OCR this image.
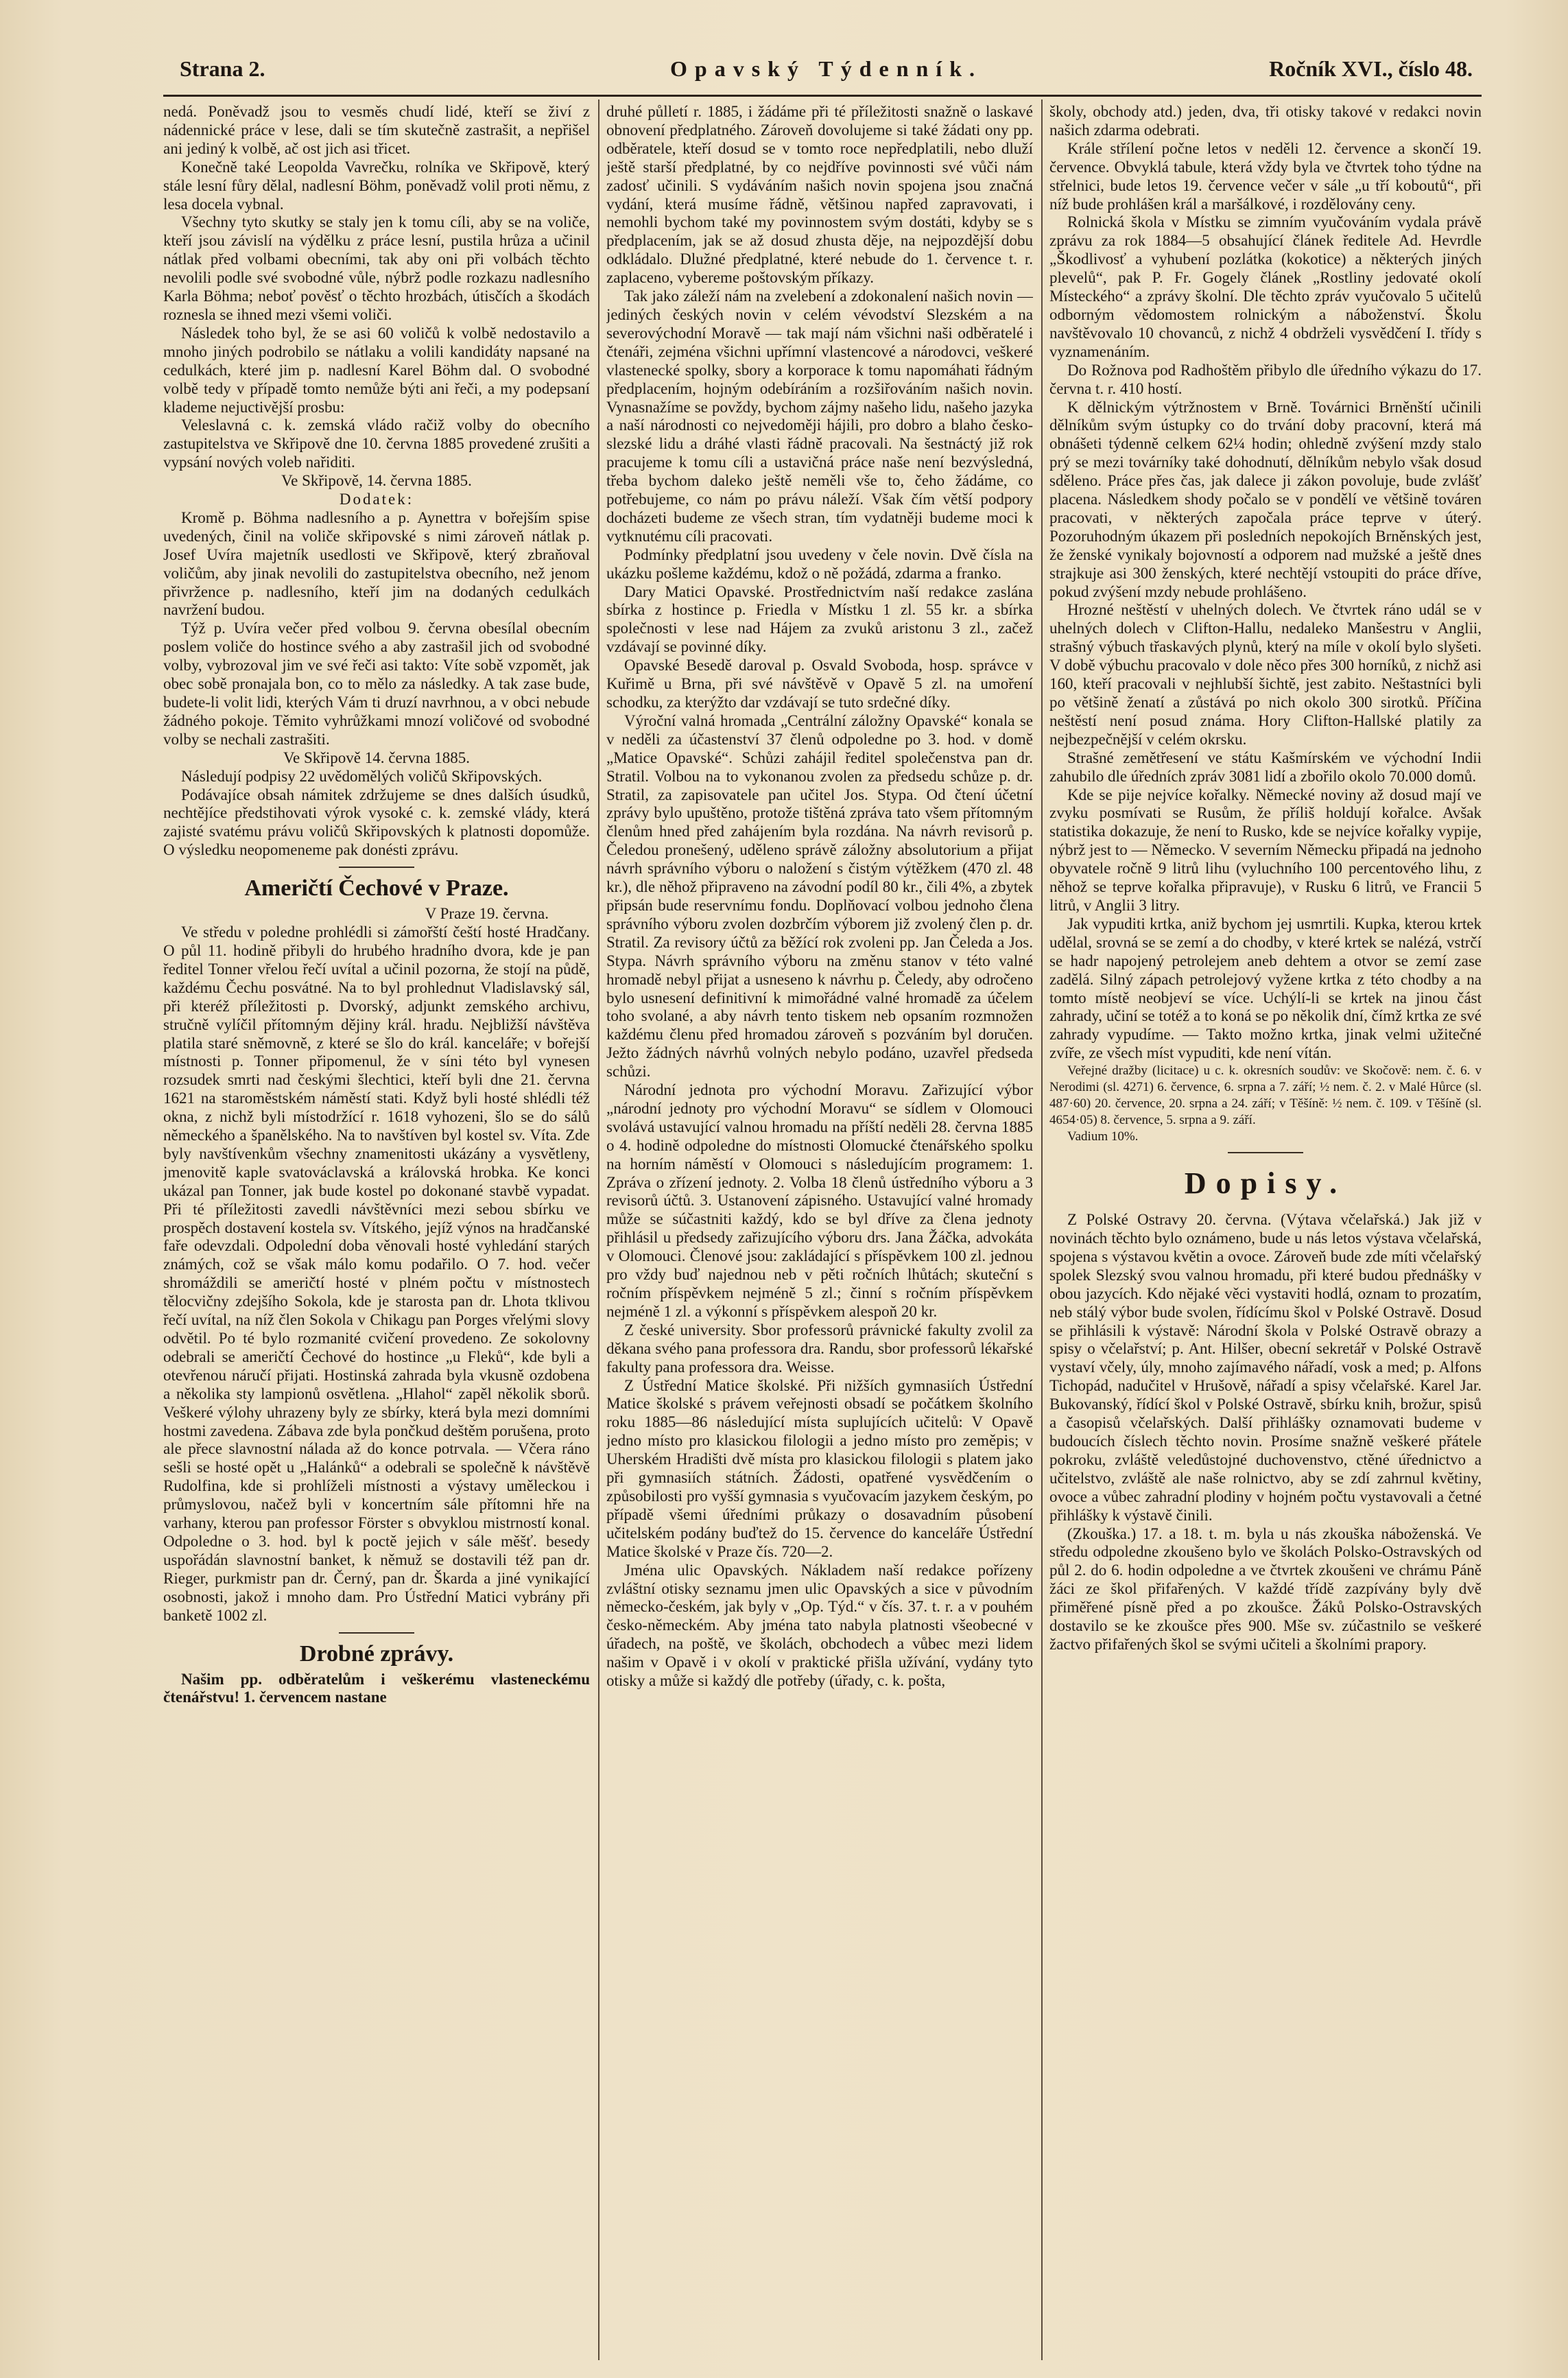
Strana 2.	Opavský Týdenník.	Ročník XVI., číslo 48.

nedá. Poněvadž jsou to vesměs chudí lidé, kteří se živí z nádennické práce v lese, dali se tím skutečně zastrašit, a nepřišel ani jediný k volbě, ač ost jich asi třicet.

Konečně také Leopolda Vavrečku, rolníka ve Skřipově, který stále lesní fůry dělal, nadlesní Böhm, poněvadž volil proti němu, z lesa docela vybnal.

Všechny tyto skutky se staly jen k tomu cíli, aby se na voliče, kteří jsou závislí na výdělku z práce lesní, pustila hrůza a učinil nátlak před volbami obecními, tak aby oni při volbách těchto nevolili podle své svobodné vůle, nýbrž podle rozkazu nadlesního Karla Böhma; neboť pověsť o těchto hrozbách, útisčích a škodách roznesla se ihned mezi všemi voliči.

Následek toho byl, že se asi 60 voličů k volbě nedostavilo a mnoho jiných podrobilo se nátlaku a volili kandidáty napsané na cedulkách, které jim p. nadlesní Karel Böhm dal. O svobodné volbě tedy v případě tomto nemůže býti ani řeči, a my podepsaní klademe nejuctivější prosbu:

Veleslavná c. k. zemská vládo račiž volby do obecního zastupitelstva ve Skřipově dne 10. června 1885 provedené zrušiti a vypsání nových voleb nařiditi.

Ve Skřipově, 14. června 1885.

Dodatek:

Kromě p. Böhma nadlesního a p. Aynettra v bořejším spise uvedených, činil na voliče skřipovské s nimi zároveň nátlak p. Josef Uvíra majetník usedlosti ve Skřipově, který zbraňoval voličům, aby jinak nevolili do zastupitelstva obecního, než jenom přivržence p. nadlesního, kteří jim na dodaných cedulkách navržení budou.

Týž p. Uvíra večer před volbou 9. června obesílal obecním poslem voliče do hostince svého a aby zastrašil jich od svobodné volby, vybrozoval jim ve své řeči asi takto: Víte sobě vzpomět, jak obec sobě pronajala bon, co to mělo za následky. A tak zase bude, budete-li volit lidi, kterých Vám ti druzí navrhnou, a v obci nebude žádného pokoje. Těmito vyhrůžkami mnozí voličové od svobodné volby se nechali zastrašiti.

Ve Skřipově 14. června 1885.

Následují podpisy 22 uvědomělých voličů Skřipovských.

Podávajíce obsah námitek zdržujeme se dnes dalších úsudků, nechtějíce předstihovati výrok vysoké c. k. zemské vlády, která zajisté svatému právu voličů Skřipovských k platnosti dopomůže. O výsledku neopomeneme pak donésti zprávu.

Američtí Čechové v Praze.

V Praze 19. června.

Ve středu v poledne prohlédli si zámořští čeští hosté Hradčany. O půl 11. hodině přibyli do hrubého hradního dvora, kde je pan ředitel Tonner vřelou řečí uvítal a učinil pozorna, že stojí na půdě, každému Čechu posvátné. Na to byl prohlednut Vladislavský sál, při kteréž příležitosti p. Dvorský, adjunkt zemského archivu, stručně vylíčil přítomným dějiny král. hradu. Nejbližší návštěva platila staré sněmovně, z které se šlo do král. kanceláře; v bořejší místnosti p. Tonner připomenul, že v síni této byl vynesen rozsudek smrti nad českými šlechtici, kteří byli dne 21. června 1621 na staroměstském náměstí stati. Když byli hosté shlédli též okna, z nichž byli místodržící r. 1618 vyhozeni, šlo se do sálů německého a španělského. Na to navštíven byl kostel sv. Víta. Zde byly navštívenkům všechny znamenitosti ukázány a vysvětleny, jmenovitě kaple svatováclavská a královská hrobka. Ke konci ukázal pan Tonner, jak bude kostel po dokonané stavbě vypadat. Při té příležitosti zavedli návštěvníci mezi sebou sbírku ve prospěch dostavení kostela sv. Vítského, jejíž výnos na hradčanské faře odevzdali. Odpolední doba věnovali hosté vyhledání starých známých, což se však málo komu podařilo. O 7. hod. večer shromáždili se američtí hosté v plném počtu v místnostech tělocvičny zdejšího Sokola, kde je starosta pan dr. Lhota tklivou řečí uvítal, na níž člen Sokola v Chikagu pan Porges vřelými slovy odvětil. Po té bylo rozmanité cvičení provedeno. Ze sokolovny odebrali se američtí Čechové do hostince „u Fleků“, kde byli a otevřenou náručí přijati. Hostinská zahrada byla vkusně ozdobena a několika sty lampionů osvětlena. „Hlahol“ zapěl několik sborů. Veškeré výlohy uhrazeny byly ze sbírky, která byla mezi domními hostmi zavedena. Zábava zde byla pončkud deštěm porušena, proto ale přece slavnostní nálada až do konce potrvala. — Včera ráno sešli se hosté opět u „Halánků“ a odebrali se společně k návštěvě Rudolfina, kde si prohlíželi místnosti a výstavy uměleckou i průmyslovou, načež byli v koncertním sále přítomni hře na varhany, kterou pan professor Förster s obvyklou mistrností konal. Odpoledne o 3. hod. byl k poctě jejich v sále měšť. besedy uspořádán slavnostní banket, k němuž se dostavili též pan dr. Rieger, purkmistr pan dr. Černý, pan dr. Škarda a jiné vynikající osobnosti, jakož i mnoho dam. Pro Ústřední Matici vybrány při banketě 1002 zl.

Drobné zprávy.

Našim pp. odběratelům i veškerému vlasteneckému čtenářstvu! 1. červencem nastane

druhé půlletí r. 1885, i žádáme při té příležitosti snažně o laskavé obnovení předplatného. Zároveň dovolujeme si také žádati ony pp. odběratele, kteří dosud se v tomto roce nepředplatili, nebo dluží ještě starší předplatné, by co nejdříve povinnosti své vůči nám zadosť učinili. S vydáváním našich novin spojena jsou značná vydání, která musíme řádně, většinou napřed zapravovati, i nemohli bychom také my povinnostem svým dostáti, kdyby se s předplacením, jak se až dosud zhusta děje, na nejpozdější dobu odkládalo. Dlužné předplatné, které nebude do 1. července t. r. zaplaceno, vybereme poštovským příkazy.

Tak jako záleží nám na zvelebení a zdokonalení našich novin — jediných českých novin v celém vévodství Slezském a na severovýchodní Moravě — tak mají nám všichni naši odběratelé i čtenáři, zejména všichni upřímní vlastencové a národovci, veškeré vlastenecké spolky, sbory a korporace k tomu napomáhati řádným předplacením, hojným odebíráním a rozšiřováním našich novin. Vynasnažíme se povždy, bychom zájmy našeho lidu, našeho jazyka a naší národnosti co nejvedoměji hájili, pro dobro a blaho česko-slezské lidu a dráhé vlasti řádně pracovali. Na šestnáctý již rok pracujeme k tomu cíli a ustavičná práce naše není bezvýsledná, třeba bychom daleko ještě neměli vše to, čeho žádáme, co potřebujeme, co nám po právu náleží. Však čím větší podpory docházeti budeme ze všech stran, tím vydatněji budeme moci k vytknutému cíli pracovati.

Podmínky předplatní jsou uvedeny v čele novin. Dvě čísla na ukázku pošleme každému, kdož o ně požádá, zdarma a franko.

Dary Matici Opavské. Prostřednictvím naší redakce zaslána sbírka z hostince p. Friedla v Místku 1 zl. 55 kr. a sbírka společnosti v lese nad Hájem za zvuků aristonu 3 zl., začež vzdávají se povinné díky.

Opavské Besedě daroval p. Osvald Svoboda, hosp. správce v Kuřimě u Brna, při své návštěvě v Opavě 5 zl. na umoření schodku, za kterýžto dar vzdávají se tuto srdečné díky.

Výroční valná hromada „Centrální záložny Opavské“ konala se v neděli za účastenství 37 členů odpoledne po 3. hod. v domě „Matice Opavské“. Schůzi zahájil ředitel společenstva pan dr. Stratil. Volbou na to vykonanou zvolen za předsedu schůze p. dr. Stratil, za zapisovatele pan učitel Jos. Stypa. Od čtení účetní zprávy bylo upuštěno, protože tištěná zpráva tato všem přítomným členům hned před zahájením byla rozdána. Na návrh revisorů p. Čeledou pronešený, uděleno správě záložny absolutorium a přijat návrh správního výboru o naložení s čistým výtěžkem (470 zl. 48 kr.), dle něhož připraveno na závodní podíl 80 kr., čili 4%, a zbytek připsán bude reservnímu fondu. Doplňovací volbou jednoho člena správního výboru zvolen dozbrčím výborem již zvolený člen p. dr. Stratil. Za revisory účtů za běžící rok zvoleni pp. Jan Čeleda a Jos. Stypa. Návrh správního výboru na změnu stanov v této valné hromadě nebyl přijat a usneseno k návrhu p. Čeledy, aby odročeno bylo usnesení definitivní k mimořádné valné hromadě za účelem toho svolané, a aby návrh tento tiskem neb opsaním rozmnožen každému členu před hromadou zároveň s pozváním byl doručen. Ježto žádných návrhů volných nebylo podáno, uzavřel předseda schůzi.

Národní jednota pro východní Moravu. Zařizující výbor „národní jednoty pro východní Moravu“ se sídlem v Olomouci svolává ustavující valnou hromadu na příští neděli 28. června 1885 o 4. hodině odpoledne do místnosti Olomucké čtenářského spolku na horním náměstí v Olomouci s následujícím programem: 1. Zpráva o zřízení jednoty. 2. Volba 18 členů ústředního výboru a 3 revisorů účtů. 3. Ustanovení zápisného. Ustavující valné hromady může se súčastniti každý, kdo se byl dříve za člena jednoty přihlásil u předsedy zařizujícího výboru drs. Jana Žáčka, advokáta v Olomouci. Členové jsou: zakládající s příspěvkem 100 zl. jednou pro vždy buď najednou neb v pěti ročních lhůtách; skuteční s ročním příspěvkem nejméně 5 zl.; činní s ročním příspěvkem nejméně 1 zl. a výkonní s příspěvkem alespoň 20 kr.

Z české university. Sbor professorů právnické fakulty zvolil za děkana svého pana professora dra. Randu, sbor professorů lékařské fakulty pana professora dra. Weisse.

Z Ústřední Matice školské. Při nižších gymnasiích Ústřední Matice školské s právem veřejnosti obsadí se počátkem školního roku 1885—86 následující místa suplujících učitelů: V Opavě jedno místo pro klasickou filologii a jedno místo pro zeměpis; v Uherském Hradišti dvě místa pro klasickou filologii s platem jako při gymnasiích státních. Žádosti, opatřené vysvědčením o způsobilosti pro vyšší gymnasia s vyučovacím jazykem českým, po případě všemi úředními průkazy o dosavadním působení učitelském podány buďtež do 15. července do kanceláře Ústřední Matice školské v Praze čís. 720—2.

Jména ulic Opavských. Nákladem naší redakce pořízeny zvláštní otisky seznamu jmen ulic Opavských a sice v původním německo-českém, jak byly v „Op. Týd.“ v čís. 37. t. r. a v pouhém česko-německém. Aby jména tato nabyla platnosti všeobecné v úřadech, na poště, ve školách, obchodech a vůbec mezi lidem našim v Opavě i v okolí v praktické přišla užívání, vydány tyto otisky a může si každý dle potřeby (úřady, c. k. pošta,

školy, obchody atd.) jeden, dva, tři otisky takové v redakci novin našich zdarma odebrati.

Krále střílení počne letos v neděli 12. července a skončí 19. července. Obvyklá tabule, která vždy byla ve čtvrtek toho týdne na střelnici, bude letos 19. července večer v sále „u tří koboutů“, při níž bude prohlášen král a maršálkové, i rozdělovány ceny.

Rolnická škola v Místku se zimním vyučováním vydala právě zprávu za rok 1884—5 obsahující článek ředitele Ad. Hevrdle „Škodlivosť a vyhubení pozlátka (kokotice) a některých jiných plevelů“, pak P. Fr. Gogely článek „Rostliny jedovaté okolí Místeckého“ a zprávy školní. Dle těchto zpráv vyučovalo 5 učitelů odborným vědomostem rolnickým a náboženství. Školu navštěvovalo 10 chovanců, z nichž 4 obdrželi vysvědčení I. třídy s vyznamenáním.

Do Rožnova pod Radhoštěm přibylo dle úředního výkazu do 17. června t. r. 410 hostí.

K dělnickým výtržnostem v Brně. Továrnici Brněnští učinili dělníkům svým ústupky co do trvání doby pracovní, která má obnášeti týdenně celkem 62¼ hodin; ohledně zvýšení mzdy stalo prý se mezi továrníky také dohodnutí, dělníkům nebylo však dosud sděleno. Práce přes čas, jak dalece ji zákon povoluje, bude zvlášť placena. Následkem shody počalo se v pondělí ve většině továren pracovati, v některých započala práce teprve v úterý. Pozoruhodným úkazem při posledních nepokojích Brněnských jest, že ženské vynikaly bojovností a odporem nad mužské a ještě dnes strajkuje asi 300 ženských, které nechtějí vstoupiti do práce dříve, pokud zvýšení mzdy nebude prohlášeno.

Hrozné neštěstí v uhelných dolech. Ve čtvrtek ráno udál se v uhelných dolech v Clifton-Hallu, nedaleko Manšestru v Anglii, strašný výbuch třaskavých plynů, který na míle v okolí bylo slyšeti. V době výbuchu pracovalo v dole něco přes 300 horníků, z nichž asi 160, kteří pracovali v nejhlubší šichtě, jest zabito. Neštastníci byli po většině ženatí a zůstává po nich okolo 300 sirotků. Příčina neštěstí není posud známa. Hory Clifton-Hallské platily za nejbezpečnější v celém okrsku.

Strašné zemětřesení ve státu Kašmírském ve východní Indii zahubilo dle úředních zpráv 3081 lidí a zbořilo okolo 70.000 domů.

Kde se pije nejvíce kořalky. Německé noviny až dosud mají ve zvyku posmívati se Rusům, že příliš holdují kořalce. Avšak statistika dokazuje, že není to Rusko, kde se nejvíce kořalky vypije, nýbrž jest to — Německo. V severním Německu připadá na jednoho obyvatele ročně 9 litrů lihu (vyluchního 100 percentového lihu, z něhož se teprve kořalka připravuje), v Rusku 6 litrů, ve Francii 5 litrů, v Anglii 3 litry.

Jak vypuditi krtka, aniž bychom jej usmrtili. Kupka, kterou krtek udělal, srovná se se zemí a do chodby, v které krtek se nalézá, vstrčí se hadr napojený petrolejem aneb dehtem a otvor se zemí zase zadělá. Silný zápach petrolejový vyžene krtka z této chodby a na tomto místě neobjeví se více. Uchýlí-li se krtek na jinou část zahrady, učiní se totéž a to koná se po několik dní, čímž krtka ze své zahrady vypudíme. — Takto možno krtka, jinak velmi užitečné zvíře, ze všech míst vypuditi, kde není vítán.

Veřejné dražby (licitace) u c. k. okresních soudův: ve Skočově: nem. č. 6. v Nerodimi (sl. 4271) 6. července, 6. srpna a 7. září; ½ nem. č. 2. v Malé Hůrce (sl. 487·60) 20. července, 20. srpna a 24. září; v Těšíně: ½ nem. č. 109. v Těšíně (sl. 4654·05) 8. července, 5. srpna a 9. září.

Vadium 10%.

Dopisy.

Z Polské Ostravy 20. června. (Výtava včelařská.) Jak již v novinách těchto bylo oznámeno, bude u nás letos výstava včelařská, spojena s výstavou květin a ovoce. Zároveň bude zde míti včelařský spolek Slezský svou valnou hromadu, při které budou přednášky v obou jazycích. Kdo nějaké věci vystaviti hodlá, oznam to prozatím, neb stálý výbor bude svolen, řídícímu škol v Polské Ostravě. Dosud se přihlásili k výstavě: Národní škola v Polské Ostravě obrazy a spisy o včelařství; p. Ant. Hilšer, obecní sekretář v Polské Ostravě vystaví včely, úly, mnoho zajímavého nářadí, vosk a med; p. Alfons Tichopád, nadučitel v Hrušově, nářadí a spisy včelařské. Karel Jar. Bukovanský, řídící škol v Polské Ostravě, sbírku knih, brožur, spisů a časopisů včelařských. Další přihlášky oznamovati budeme v budoucích číslech těchto novin. Prosíme snažně veškeré přátele pokroku, zvláště veledůstojné duchovenstvo, ctěné úřednictvo a učitelstvo, zvláště ale naše rolnictvo, aby se zdí zahrnul květiny, ovoce a vůbec zahradní plodiny v hojném počtu vystavovali a četné přihlášky k výstavě činili.

(Zkouška.) 17. a 18. t. m. byla u nás zkouška náboženská. Ve středu odpoledne zkoušeno bylo ve školách Polsko-Ostravských od půl 2. do 6. hodin odpoledne a ve čtvrtek zkoušeni ve chrámu Páně žáci ze škol přifařených. V každé třídě zazpívány byly dvě přiměřené písně před a po zkoušce. Žáků Polsko-Ostravských dostavilo se ke zkoušce přes 900. Mše sv. zúčastnilo se veškeré žactvo přifařených škol se svými učiteli a školními prapory.
